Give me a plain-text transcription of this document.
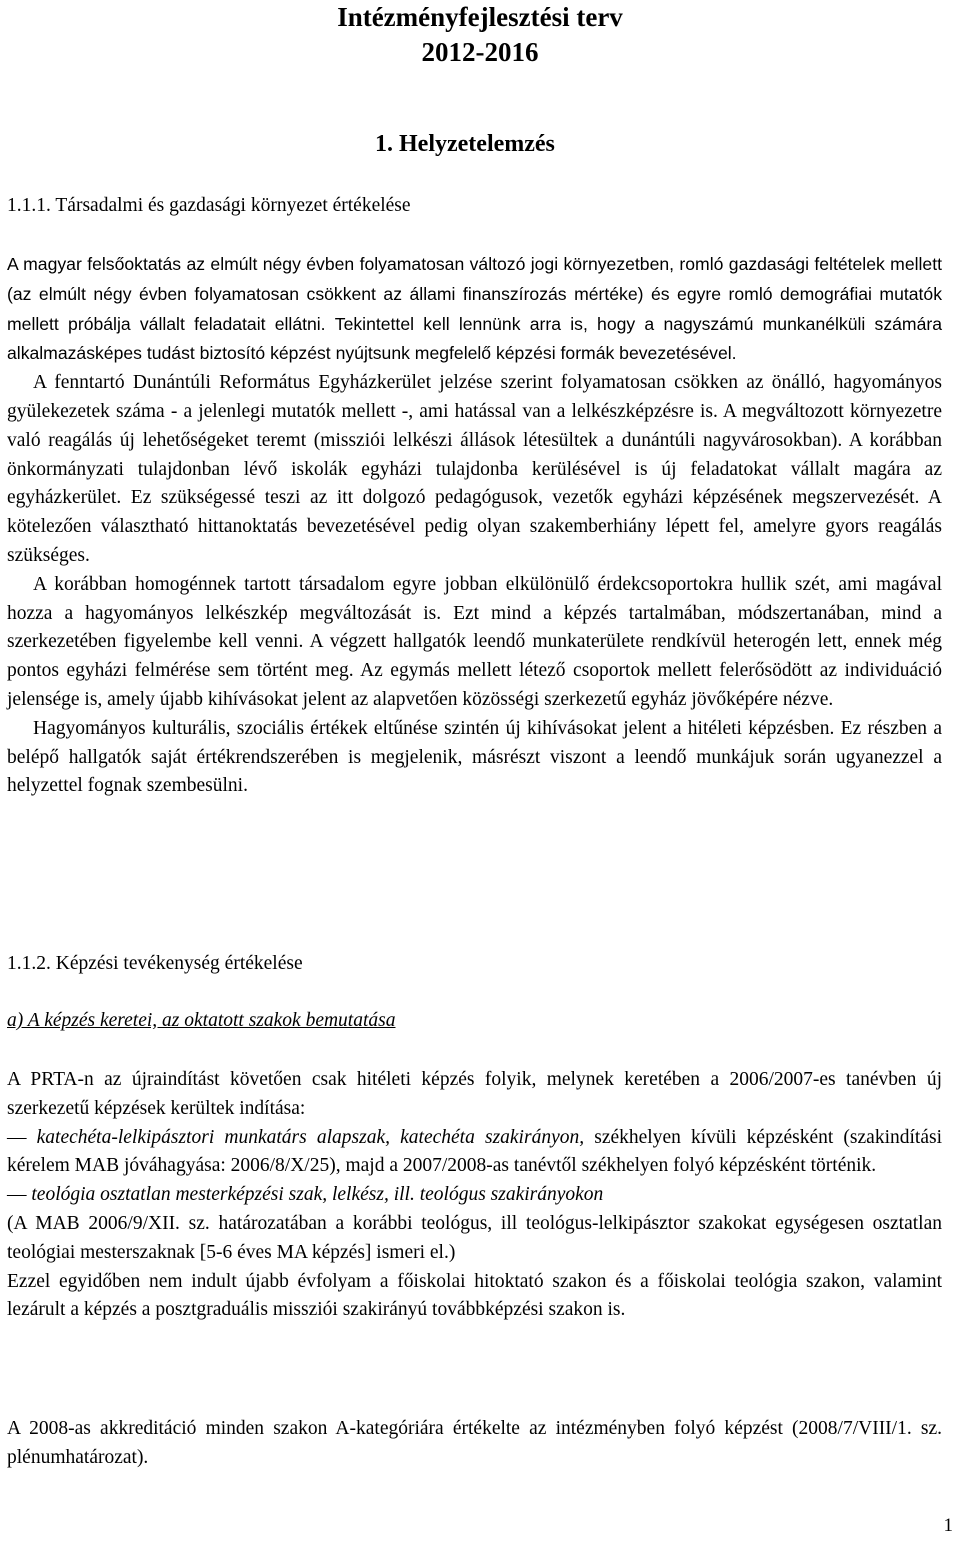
Intézményfejlesztési terv
2012-2016
1. Helyzetelemzés
1.1.1. Társadalmi és gazdasági környezet értékelése

A magyar felsőoktatás az elmúlt négy évben folyamatosan változó jogi környezetben, romló gazdasági feltételek mellett (az elmúlt négy évben folyamatosan csökkent az állami finanszírozás mértéke) és egyre romló demográfiai mutatók mellett próbálja vállalt feladatait ellátni. Tekintettel kell lennünk arra is, hogy a nagyszámú munkanélküli számára alkalmazásképes tudást biztosító képzést nyújtsunk megfelelő képzési formák bevezetésével.

A fenntartó Dunántúli Református Egyházkerület jelzése szerint folyamatosan csökken az önálló, hagyományos gyülekezetek száma - a jelenlegi mutatók mellett -, ami hatással van a lelkészképzésre is. A megváltozott környezetre való reagálás új lehetőségeket teremt (missziói lelkészi állások létesültek a dunántúli nagyvárosokban). A korábban önkormányzati tulajdonban lévő iskolák egyházi tulajdonba kerülésével is új feladatokat vállalt magára az egyházkerület. Ez szükségessé teszi az itt dolgozó pedagógusok, vezetők egyházi képzésének megszervezését. A kötelezően választható hittanoktatás bevezetésével pedig olyan szakemberhiány lépett fel, amelyre gyors reagálás szükséges.

A korábban homogénnek tartott társadalom egyre jobban elkülönülő érdekcsoportokra hullik szét, ami magával hozza a hagyományos lelkészkép megváltozását is. Ezt mind a képzés tartalmában, módszertanában, mind a szerkezetében figyelembe kell venni. A végzett hallgatók leendő munkaterülete rendkívül heterogén lett, ennek még pontos egyházi felmérése sem történt meg. Az egymás mellett létező csoportok mellett felerősödött az individuáció jelensége is, amely újabb kihívásokat jelent az alapvetően közösségi szerkezetű egyház jövőképére nézve.

Hagyományos kulturális, szociális értékek eltűnése szintén új kihívásokat jelent a hitéleti képzésben. Ez részben a belépő hallgatók saját értékrendszerében is megjelenik, másrészt viszont a leendő munkájuk során ugyanezzel a helyzettel fognak szembesülni.

1.1.2. Képzési tevékenység értékelése
a) A képzés keretei, az oktatott szakok bemutatása

A PRTA-n az újraindítást követően csak hitéleti képzés folyik, melynek keretében a 2006/2007-es tanévben új szerkezetű képzések kerültek indítása:

— katechéta-lelkipásztori munkatárs alapszak, katechéta szakirányon, székhelyen kívüli képzésként (szakindítási kérelem MAB jóváhagyása: 2006/8/X/25), majd a 2007/2008-as tanévtől székhelyen folyó képzésként történik.

— teológia osztatlan mesterképzési szak, lelkész, ill. teológus szakirányokon
(A MAB 2006/9/XII. sz. határozatában a korábbi teológus, ill teológus-lelkipásztor szakokat egységesen osztatlan teológiai mesterszaknak [5-6 éves MA képzés] ismeri el.)

Ezzel egyidőben nem indult újabb évfolyam a főiskolai hitoktató szakon és a főiskolai teológia szakon, valamint lezárult a képzés a posztgraduális missziói szakirányú továbbképzési szakon is.

A 2008-as akkreditáció minden szakon A-kategóriára értékelte az intézményben folyó képzést (2008/7/VIII/1. sz. plénumhatározat).

1
